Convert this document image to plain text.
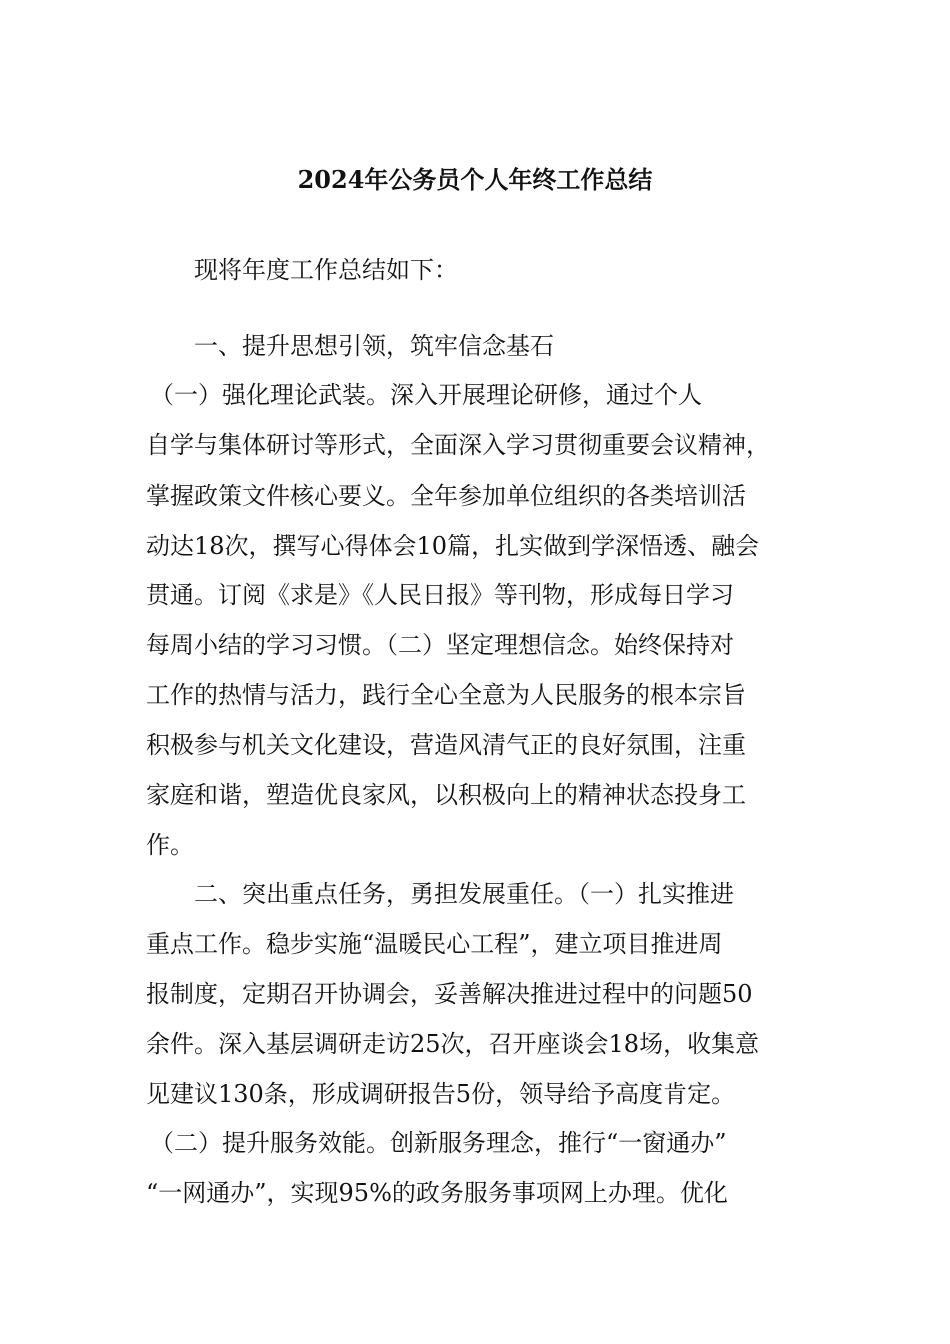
2024年公务员个人年终工作总结

现将年度工作总结如下：

一、提升思想引领，筑牢信念基石

（一）强化理论武装。深入开展理论研修，通过个人

自学与集体研讨等形式，全面深入学习贯彻重要会议精神，

掌握政策文件核心要义。全年参加单位组织的各类培训活

动达18次，撰写心得体会10篇，扎实做到学深悟透、融会

贯通。订阅《求是》《人民日报》等刊物，形成每日学习

每周小结的学习习惯。（二）坚定理想信念。始终保持对

工作的热情与活力，践行全心全意为人民服务的根本宗旨

积极参与机关文化建设，营造风清气正的良好氛围，注重

家庭和谐，塑造优良家风，以积极向上的精神状态投身工

作。

二、突出重点任务，勇担发展重任。（一）扎实推进

重点工作。稳步实施“温暖民心工程”，建立项目推进周

报制度，定期召开协调会，妥善解决推进过程中的问题50

余件。深入基层调研走访25次，召开座谈会18场，收集意

见建议130条，形成调研报告5份，领导给予高度肯定。

（二）提升服务效能。创新服务理念，推行“一窗通办”

“一网通办”，实现95%的政务服务事项网上办理。优化
